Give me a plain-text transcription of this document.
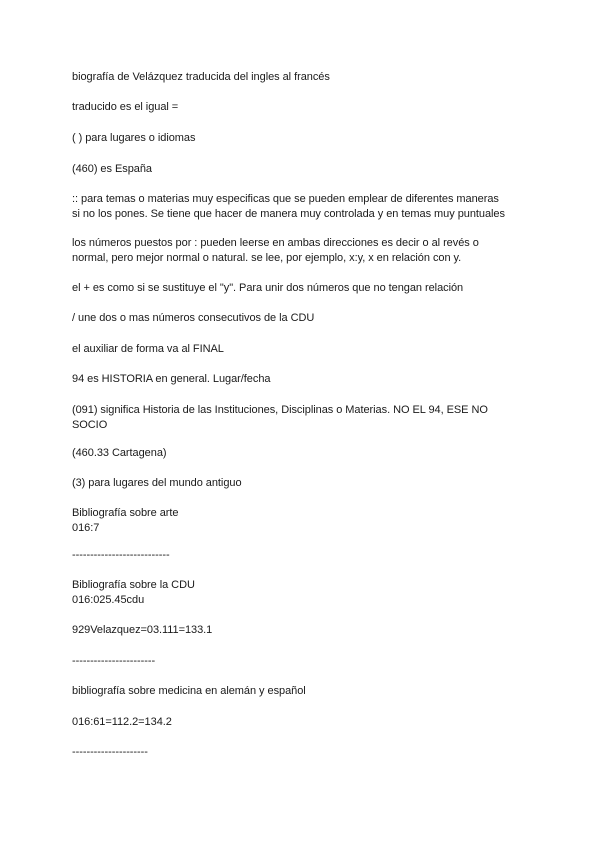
biografía de Velázquez traducida del ingles al francés
traducido es el igual =
( ) para lugares o idiomas
(460) es España
:: para temas o materias muy especificas que se pueden emplear de diferentes maneras
si no los pones. Se tiene que hacer de manera muy controlada y en temas muy puntuales
los números puestos por : pueden leerse en ambas direcciones es decir o al revés o
normal, pero mejor normal o natural. se lee, por ejemplo, x:y, x en relación con y.
el + es como si se sustituye el "y". Para unir dos números que no tengan relación
/ une dos o mas números consecutivos de la CDU
el auxiliar de forma va al FINAL
94 es HISTORIA en general. Lugar/fecha
(091) significa Historia de las Instituciones, Disciplinas o Materias. NO EL 94, ESE NO
SOCIO
(460.33 Cartagena)
(3) para lugares del mundo antiguo
Bibliografía sobre arte
016:7
---------------------------
Bibliografía sobre la CDU
016:025.45cdu
929Velazquez=03.111=133.1
-----------------------
bibliografía sobre medicina en alemán y español
016:61=112.2=134.2
---------------------
